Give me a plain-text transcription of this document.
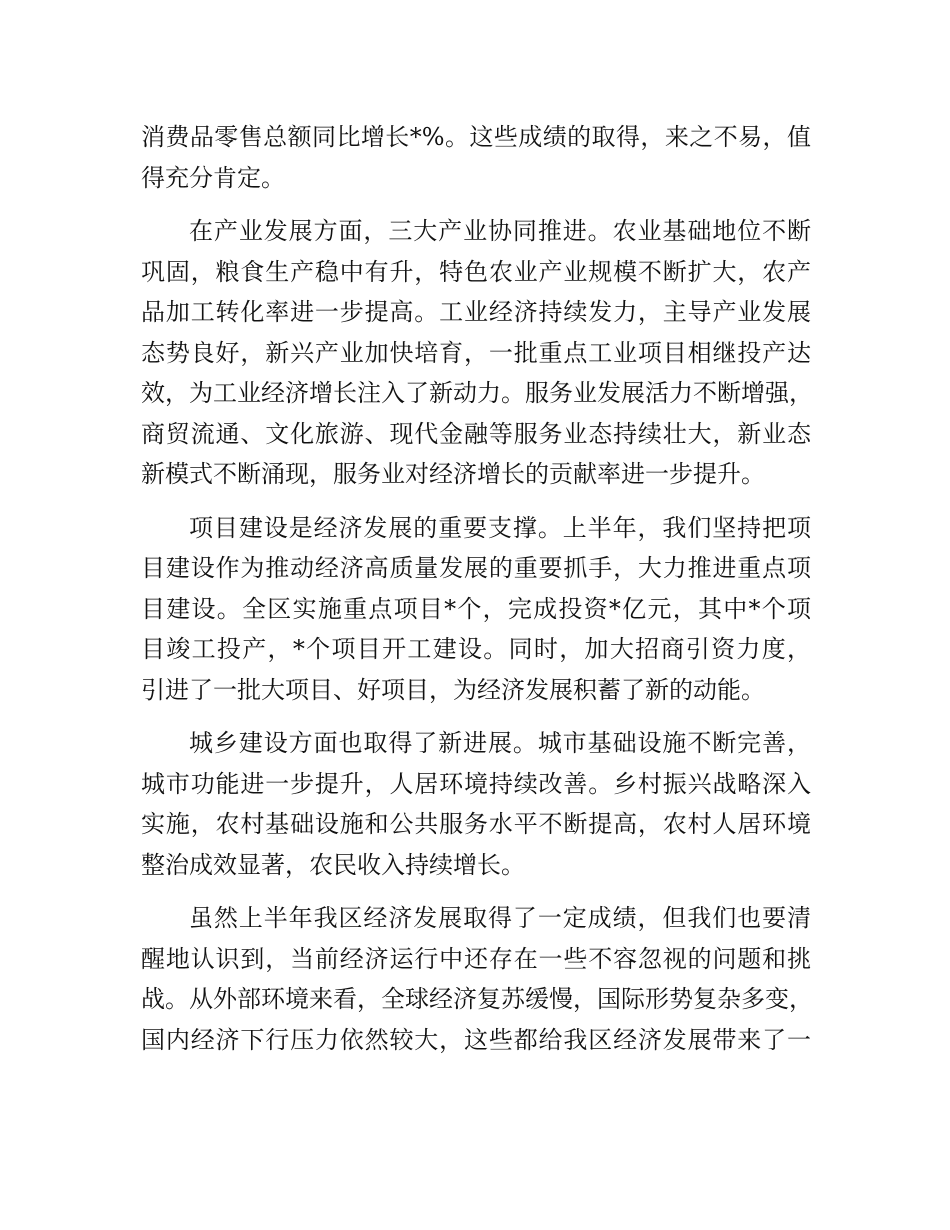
消费品零售总额同比增长*%。这些成绩的取得，来之不易，值
得充分肯定。
在产业发展方面，三大产业协同推进。农业基础地位不断
巩固，粮食生产稳中有升，特色农业产业规模不断扩大，农产
品加工转化率进一步提高。工业经济持续发力，主导产业发展
态势良好，新兴产业加快培育，一批重点工业项目相继投产达
效，为工业经济增长注入了新动力。服务业发展活力不断增强，
商贸流通、文化旅游、现代金融等服务业态持续壮大，新业态
新模式不断涌现，服务业对经济增长的贡献率进一步提升。
项目建设是经济发展的重要支撑。上半年，我们坚持把项
目建设作为推动经济高质量发展的重要抓手，大力推进重点项
目建设。全区实施重点项目*个，完成投资*亿元，其中*个项
目竣工投产，*个项目开工建设。同时，加大招商引资力度，
引进了一批大项目、好项目，为经济发展积蓄了新的动能。
城乡建设方面也取得了新进展。城市基础设施不断完善，
城市功能进一步提升，人居环境持续改善。乡村振兴战略深入
实施，农村基础设施和公共服务水平不断提高，农村人居环境
整治成效显著，农民收入持续增长。
虽然上半年我区经济发展取得了一定成绩，但我们也要清
醒地认识到，当前经济运行中还存在一些不容忽视的问题和挑
战。从外部环境来看，全球经济复苏缓慢，国际形势复杂多变，
国内经济下行压力依然较大，这些都给我区经济发展带来了一
